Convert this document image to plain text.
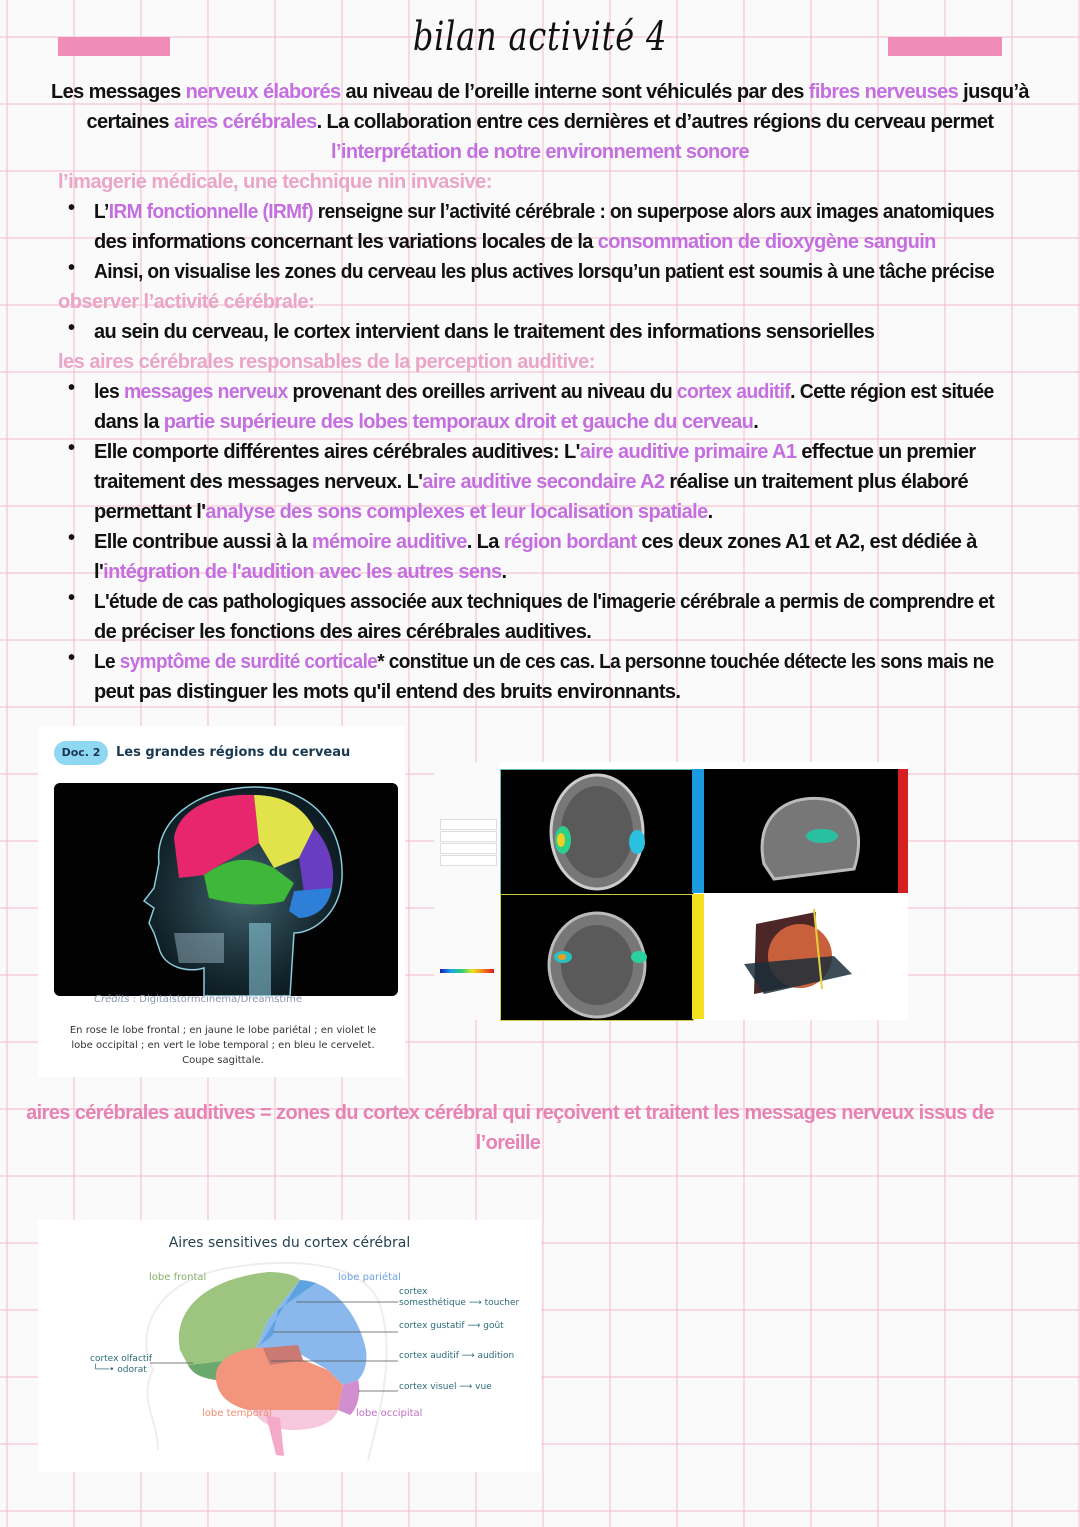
bilan activité 4
Les messages nerveux élaborés au niveau de l’oreille interne sont véhiculés par des fibres nerveuses jusqu’à
certaines aires cérébrales. La collaboration entre ces dernières et d’autres régions du cerveau permet
l’interprétation de notre environnement sonore
l’imagerie médicale, une technique nin invasive:
• L’IRM fonctionnelle (IRMf) renseigne sur l’activité cérébrale : on superpose alors aux images anatomiques
des informations concernant les variations locales de la consommation de dioxygène sanguin
• Ainsi, on visualise les zones du cerveau les plus actives lorsqu’un patient est soumis à une tâche précise
observer l’activité cérébrale:
• au sein du cerveau, le cortex intervient dans le traitement des informations sensorielles
les aires cérébrales responsables de la perception auditive:
• les messages nerveux provenant des oreilles arrivent au niveau du cortex auditif. Cette région est située
dans la partie supérieure des lobes temporaux droit et gauche du cerveau.
• Elle comporte différentes aires cérébrales auditives: L'aire auditive primaire A1 effectue un premier
traitement des messages nerveux. L'aire auditive secondaire A2 réalise un traitement plus élaboré
permettant l'analyse des sons complexes et leur localisation spatiale.
• Elle contribue aussi à la mémoire auditive. La région bordant ces deux zones A1 et A2, est dédiée à
l'intégration de l'audition avec les autres sens.
• L'étude de cas pathologiques associée aux techniques de l'imagerie cérébrale a permis de comprendre et
de préciser les fonctions des aires cérébrales auditives.
• Le symptôme de surdité corticale* constitue un de ces cas. La personne touchée détecte les sons mais ne
peut pas distinguer les mots qu'il entend des bruits environnants.
Doc. 2	Les grandes régions du cerveau
Crédits : Digitalstormcinema/Dreamstime
En rose le lobe frontal ; en jaune le lobe pariétal ; en violet le lobe occipital ; en vert le lobe temporal ; en bleu le cervelet. Coupe sagittale.
aires cérébrales auditives = zones du cortex cérébral qui reçoivent et traitent les messages nerveux issus de
l’oreille
Aires sensitives du cortex cérébral
lobe frontal	lobe pariétal
lobe temporal	lobe occipital
cortex
somesthétique ⟶ toucher
cortex gustatif ⟶ goût
cortex auditif ⟶ audition
cortex visuel ⟶ vue
cortex olfactif
└──• odorat
